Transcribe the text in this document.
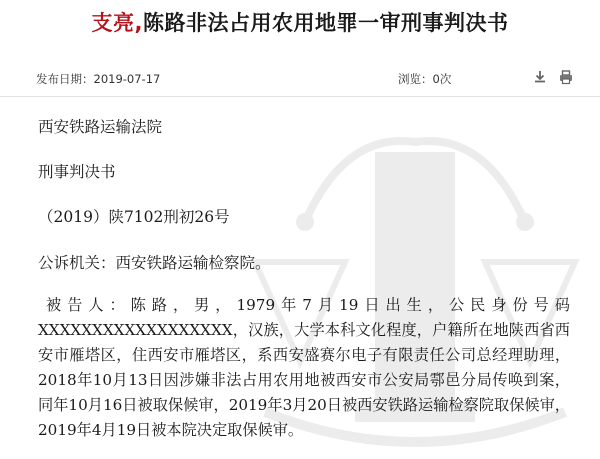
支亮,陈路非法占用农用地罪一审刑事判决书
发布日期：2019-07-17	浏览：0次
西安铁路运输法院
刑事判决书
（2019）陕7102刑初26号
公诉机关：西安铁路运输检察院。
被告人：陈路，男，1979年7月19日出生，公民身份号码XXXXXXXXXXXXXXXXXX，汉族，大学本科文化程度，户籍所在地陕西省西安市雁塔区，住西安市雁塔区，系西安盛赛尔电子有限责任公司总经理助理，2018年10月13日因涉嫌非法占用农用地被西安市公安局鄠邑分局传唤到案，同年10月16日被取保候审，2019年3月20日被西安铁路运输检察院取保候审，2019年4月19日被本院决定取保候审。
